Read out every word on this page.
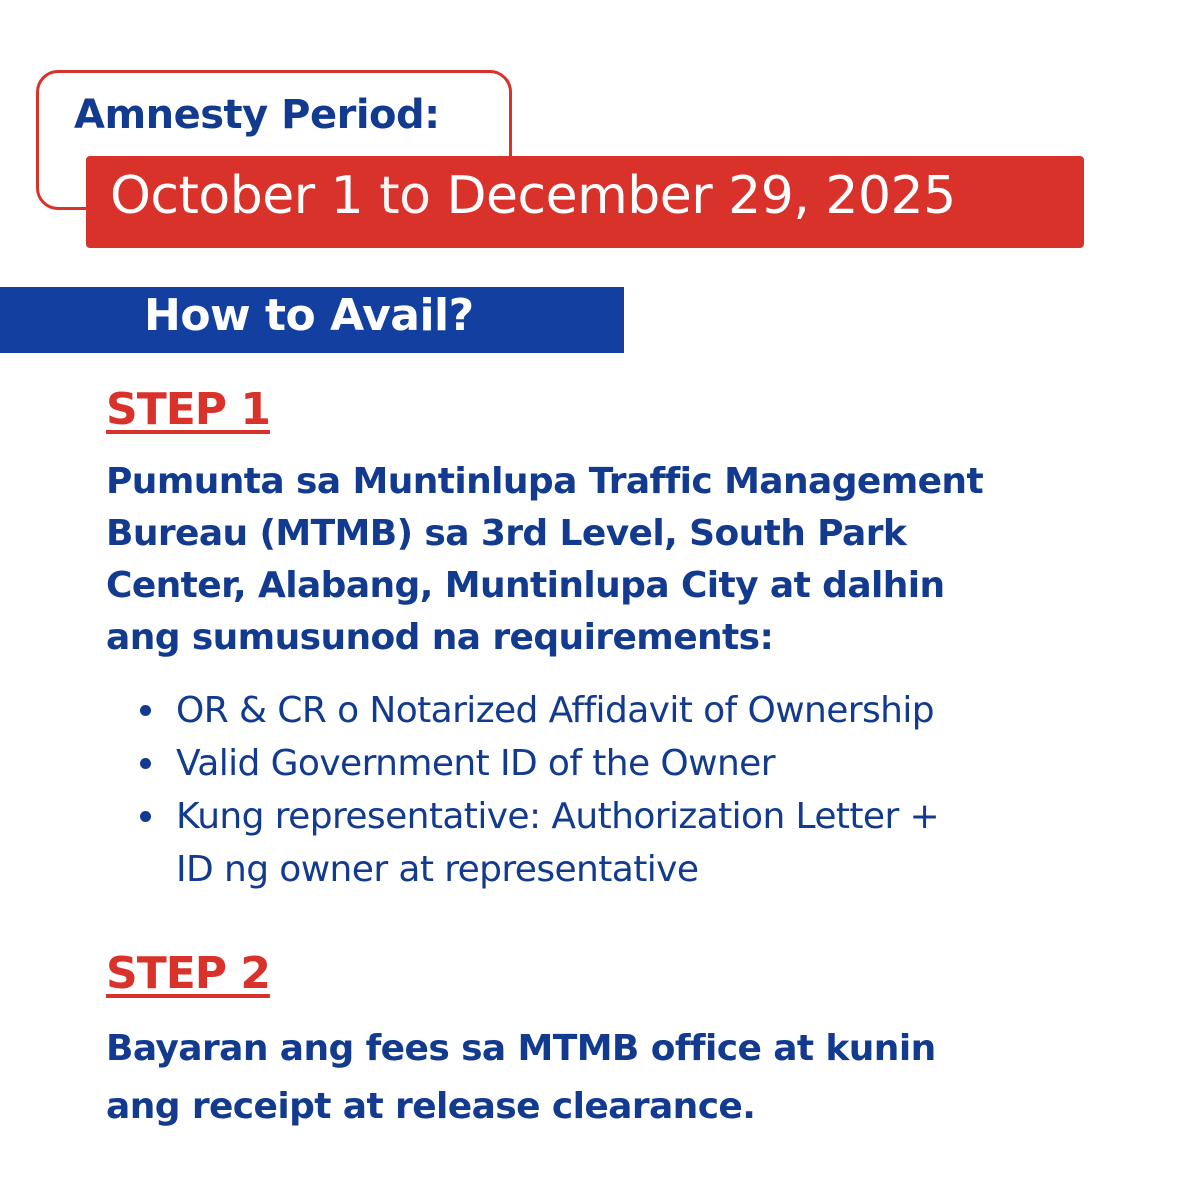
Amnesty Period:
October 1 to December 29, 2025
How to Avail?
STEP 1
Pumunta sa Muntinlupa Traffic Management
Bureau (MTMB) sa 3rd Level, South Park
Center, Alabang, Muntinlupa City at dalhin
ang sumusunod na requirements:
OR & CR o Notarized Affidavit of Ownership
Valid Government ID of the Owner
Kung representative: Authorization Letter +
ID ng owner at representative
STEP 2
Bayaran ang fees sa MTMB office at kunin
ang receipt at release clearance.
